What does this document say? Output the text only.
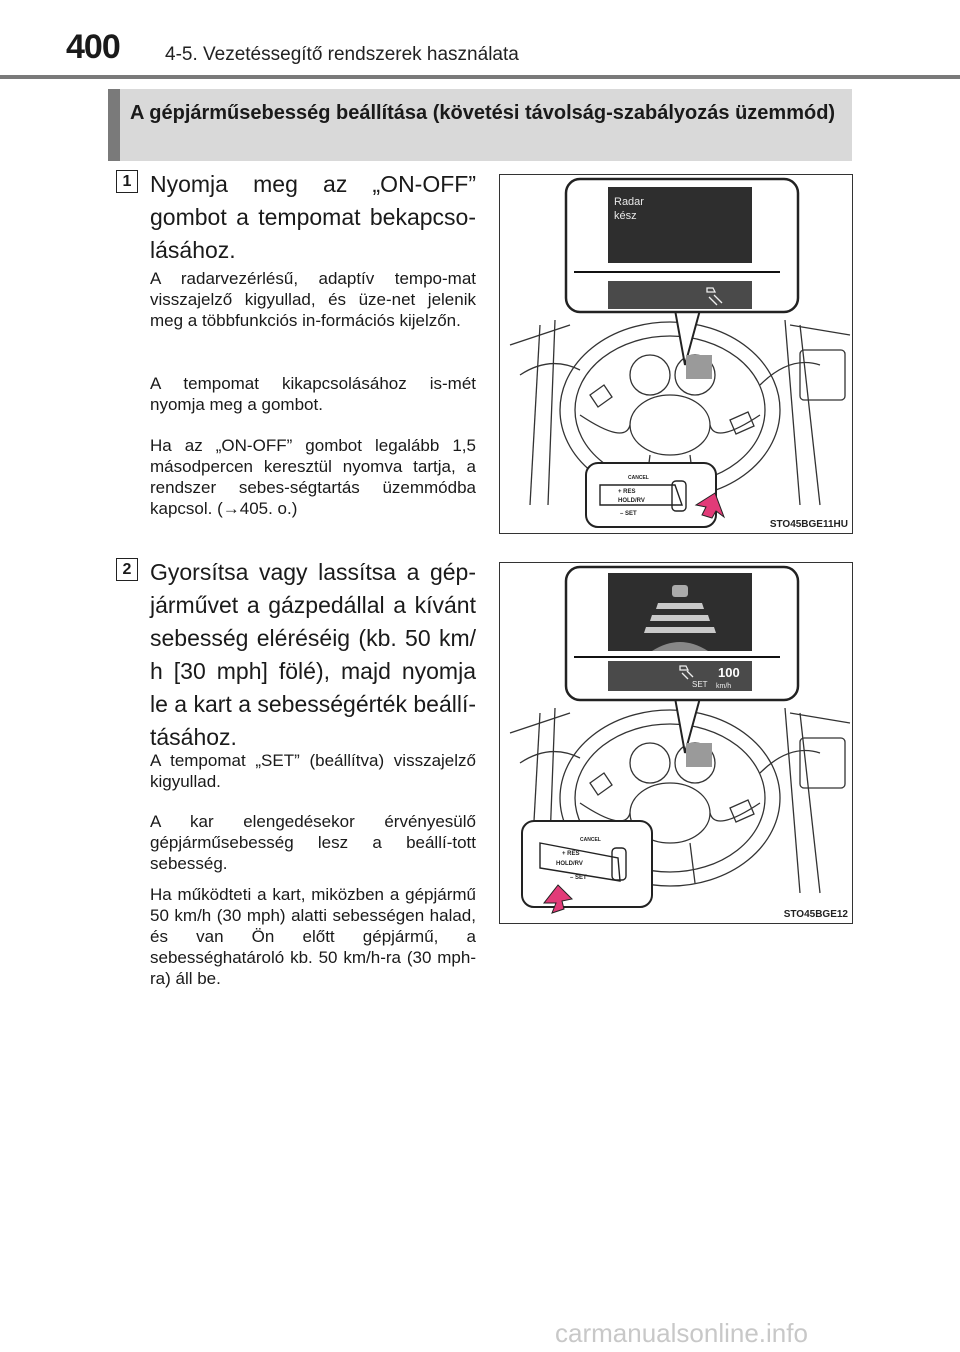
400 4-5. Vezetéssegítő rendszerek használata
A gépjárműsebesség beállítása (követési távolság-szabályozás üzemmód)
1 Nyomja meg az „ON-OFF” gombot a tempomat bekapcso-lásához.
A radarvezérlésű, adaptív tempo-mat visszajelző kigyullad, és üze-net jelenik meg a többfunkciós in-formációs kijelzőn.
A tempomat kikapcsolásához is-mét nyomja meg a gombot.
Ha az „ON-OFF” gombot legalább 1,5 másodpercen keresztül nyomva tartja, a rendszer sebes-ségtartás üzemmódba kapcsol. (→405. o.)
Radar
kész
+ RES
HOLD/RV
CANCEL
– SET
STO45BGE11HU
2 Gyorsítsa vagy lassítsa a gép-járművet a gázpedállal a kívánt sebesség eléréséig (kb. 50 km/ h [30 mph] fölé), majd nyomja le a kart a sebességérték beállí-tásához.
A tempomat „SET” (beállítva) visszajelző kigyullad.
A kar elengedésekor érvényesülő gépjárműsebesség lesz a beállí-tott sebesség.
Ha működteti a kart, miközben a gépjármű 50 km/h (30 mph) alatti sebességen halad, és van Ön előtt gépjármű, a sebességhatároló kb. 50 km/h-ra (30 mph-ra) áll be.
SET
100
km/h
+ RES
HOLD/RV
CANCEL
– SET
STO45BGE12
carmanualsonline.info
